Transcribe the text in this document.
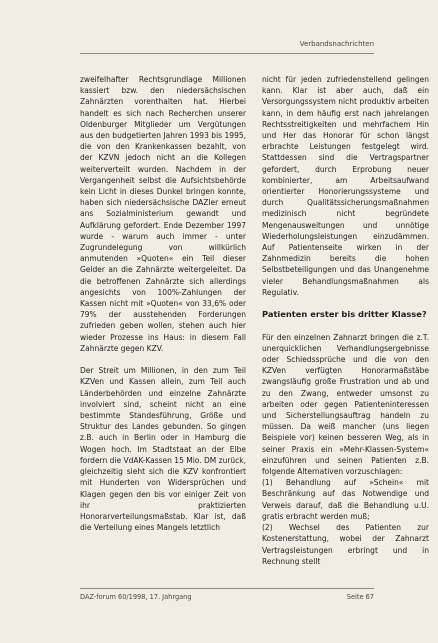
Verbandsnachrichten

zweifelhafter Rechtsgrundlage Millionen kassiert bzw. den niedersächsischen Zahnärzten vorenthalten hat. Hierbei handelt es sich nach Recherchen unserer Oldenburger Mitglieder um Vergütungen aus den budgetierten Jahren 1993 bis 1995, die von den Krankenkassen bezahlt, von der KZVN jedoch nicht an die Kollegen weiterverteilt wurden. Nachdem in der Vergangenheit selbst die Aufsichtsbehörde kein Licht in dieses Dunkel bringen konnte, haben sich niedersächsische DAZler erneut ans Sozialministerium gewandt und Aufklärung gefordert. Ende Dezember 1997 wurde - warum auch immer - unter Zugrundelegung von willkürlich anmutenden »Quoten« ein Teil dieser Gelder an die Zahnärzte weitergeleitet. Da die betroffenen Zahnärzte sich allerdings angesichts von 100%-Zahlungen der Kassen nicht mit »Quoten« von 33,6% oder 79% der ausstehenden Forderungen zufrieden geben wollen, stehen auch hier wieder Prozesse ins Haus: in diesem Fall Zahnärzte gegen KZV.

Der Streit um Millionen, in den zum Teil KZVen und Kassen allein, zum Teil auch Länderbehörden und einzelne Zahnärzte involviert sind, scheint nicht an eine bestimmte Standesführung, Größe und Struktur des Landes gebunden. So gingen z.B. auch in Berlin oder in Hamburg die Wogen hoch. Im Stadtstaat an der Elbe fordern die VdAK-Kassen 15 Mio. DM zurück, gleichzeitig sieht sich die KZV konfrontiert mit Hunderten von Widersprüchen und Klagen gegen den bis vor einiger Zeit von ihr praktizierten Honorarverteilungsmaßstab. Klar ist, daß die Verteilung eines Mangels letztlich

nicht für jeden zufriedenstellend gelingen kann. Klar ist aber auch, daß ein Versorgungssystem nicht produktiv arbeiten kann, in dem häufig erst nach jahrelangen Rechtsstreitigkeiten und mehrfachem Hin und Her das Honorar für schon längst erbrachte Leistungen festgelegt wird. Stattdessen sind die Vertragspartner gefordert, durch Erprobung neuer kombinierter, am Arbeitsaufwand orientierter Honorierungssysteme und durch Qualitätssicherungsmaßnahmen medizinisch nicht begründete Mengenausweitungen und unnötige Wiederholungsleistungen einzudämmen. Auf Patientenseite wirken in der Zahnmedizin bereits die hohen Selbstbeteiligungen und das Unangenehme vieler Behandlungsmaßnahmen als Regulativ.

Patienten erster bis dritter Klasse?

Für den einzelnen Zahnarzt bringen die z.T. unerquicklichen Verhandlungsergebnisse oder Schiedssprüche und die von den KZVen verfügten Honorarmaßstäbe zwangsläufig große Frustration und ab und zu den Zwang, entweder umsonst zu arbeiten oder gegen Patienteninteressen und Sicherstellungsauftrag handeln zu müssen. Da weiß mancher (uns liegen Beispiele vor) keinen besseren Weg, als in seiner Praxis ein »Mehr-Klassen-System« einzuführen und seinen Patienten z.B. folgende Alternativen vorzuschlagen:

(1) Behandlung auf »Schein« mit Beschränkung auf das Notwendige und Verweis darauf, daß die Behandlung u.U. gratis erbracht werden muß;
(2) Wechsel des Patienten zur Kostenerstattung, wobei der Zahnarzt Vertragsleistungen erbringt und in Rechnung stellt
DAZ-forum 60/1998, 17. Jahrgang	Seite 67
